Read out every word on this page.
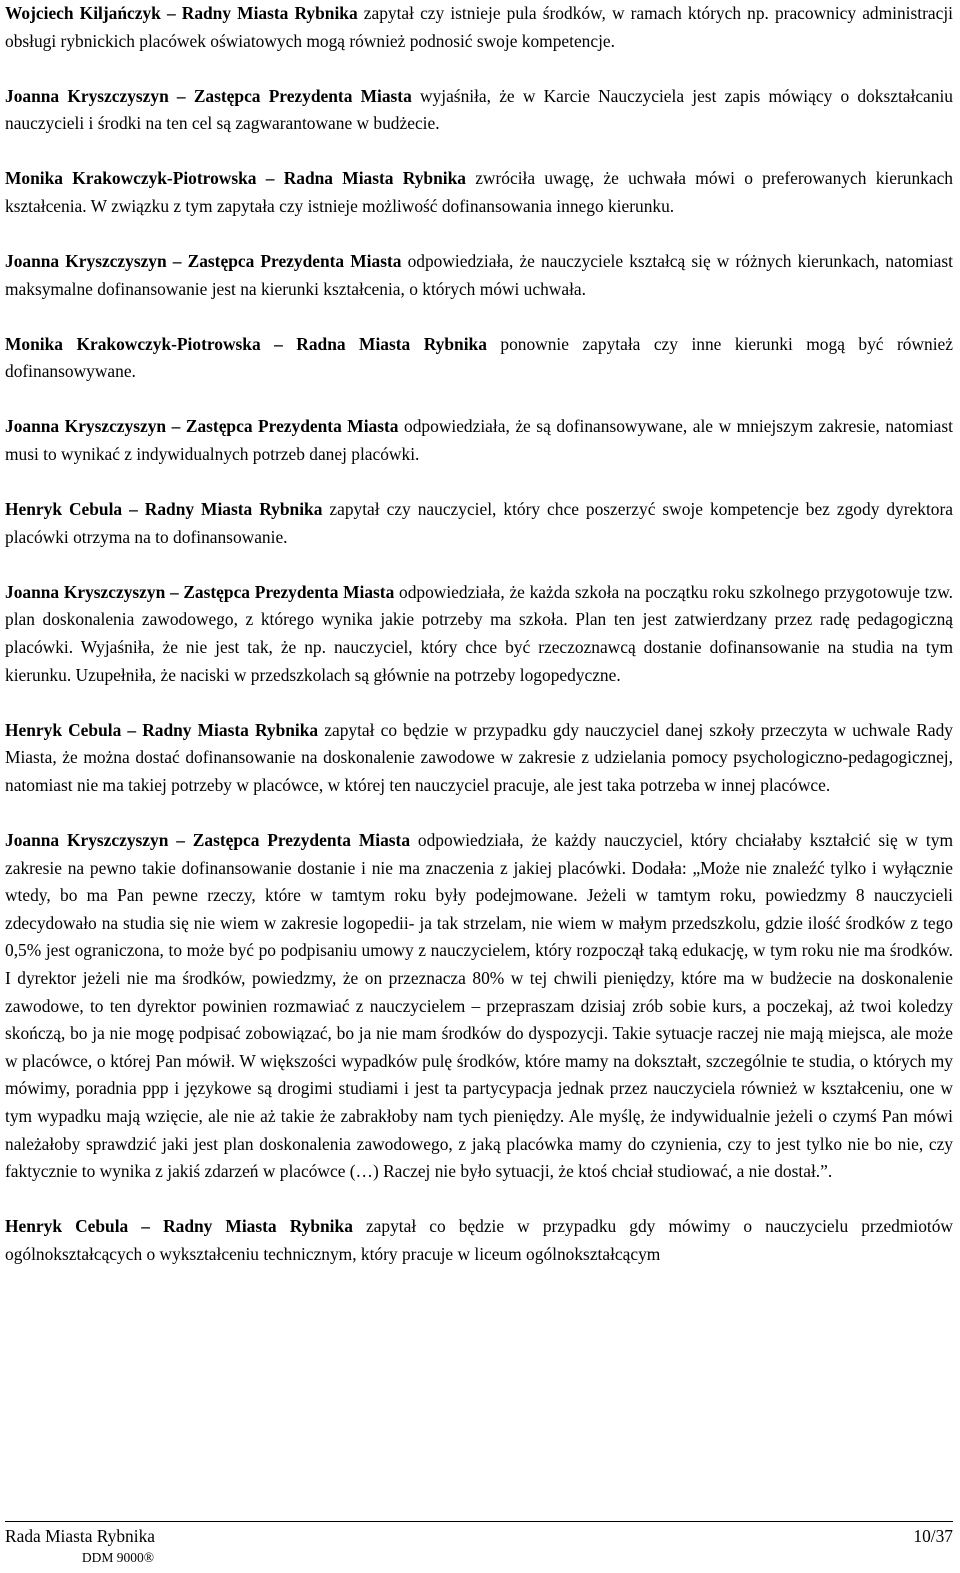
Wojciech Kiljańczyk – Radny Miasta Rybnika zapytał czy istnieje pula środków, w ramach których np. pracownicy administracji obsługi rybnickich placówek oświatowych mogą również podnosić swoje kompetencje.

Joanna Kryszczyszyn – Zastępca Prezydenta Miasta wyjaśniła, że w Karcie Nauczyciela jest zapis mówiący o dokształcaniu nauczycieli i środki na ten cel są zagwarantowane w budżecie.

Monika Krakowczyk-Piotrowska – Radna Miasta Rybnika zwróciła uwagę, że uchwała mówi o preferowanych kierunkach kształcenia. W związku z tym zapytała czy istnieje możliwość dofinansowania innego kierunku.

Joanna Kryszczyszyn – Zastępca Prezydenta Miasta odpowiedziała, że nauczyciele kształcą się w różnych kierunkach, natomiast maksymalne dofinansowanie jest na kierunki kształcenia, o których mówi uchwała.

Monika Krakowczyk-Piotrowska – Radna Miasta Rybnika ponownie zapytała czy inne kierunki mogą być również dofinansowywane.

Joanna Kryszczyszyn – Zastępca Prezydenta Miasta odpowiedziała, że są dofinansowywane, ale w mniejszym zakresie, natomiast musi to wynikać z indywidualnych potrzeb danej placówki.

Henryk Cebula – Radny Miasta Rybnika zapytał czy nauczyciel, który chce poszerzyć swoje kompetencje bez zgody dyrektora placówki otrzyma na to dofinansowanie.

Joanna Kryszczyszyn – Zastępca Prezydenta Miasta odpowiedziała, że każda szkoła na początku roku szkolnego przygotowuje tzw. plan doskonalenia zawodowego, z którego wynika jakie potrzeby ma szkoła. Plan ten jest zatwierdzany przez radę pedagogiczną placówki. Wyjaśniła, że nie jest tak, że np. nauczyciel, który chce być rzeczoznawcą dostanie dofinansowanie na studia na tym kierunku. Uzupełniła, że naciski w przedszkolach są głównie na potrzeby logopedyczne.

Henryk Cebula – Radny Miasta Rybnika zapytał co będzie w przypadku gdy nauczyciel danej szkoły przeczyta w uchwale Rady Miasta, że można dostać dofinansowanie na doskonalenie zawodowe w zakresie z udzielania pomocy psychologiczno-pedagogicznej, natomiast nie ma takiej potrzeby w placówce, w której ten nauczyciel pracuje, ale jest taka potrzeba w innej placówce.

Joanna Kryszczyszyn – Zastępca Prezydenta Miasta odpowiedziała, że każdy nauczyciel, który chciałaby kształcić się w tym zakresie na pewno takie dofinansowanie dostanie i nie ma znaczenia z jakiej placówki. Dodała: „Może nie znaleźć tylko i wyłącznie wtedy, bo ma Pan pewne rzeczy, które w tamtym roku były podejmowane. Jeżeli w tamtym roku, powiedzmy 8 nauczycieli zdecydowało na studia się nie wiem w zakresie logopedii- ja tak strzelam, nie wiem w małym przedszkolu, gdzie ilość środków z tego 0,5% jest ograniczona, to może być po podpisaniu umowy z nauczycielem, który rozpoczął taką edukację, w tym roku nie ma środków. I dyrektor jeżeli nie ma środków, powiedzmy, że on przeznacza 80% w tej chwili pieniędzy, które ma w budżecie na doskonalenie zawodowe, to ten dyrektor powinien rozmawiać z nauczycielem – przepraszam dzisiaj zrób sobie kurs, a poczekaj, aż twoi koledzy skończą, bo ja nie mogę podpisać zobowiązać, bo ja nie mam środków do dyspozycji. Takie sytuacje raczej nie mają miejsca, ale może w placówce, o której Pan mówił. W większości wypadków pulę środków, które mamy na dokształt, szczególnie te studia, o których my mówimy, poradnia ppp i językowe są drogimi studiami i jest ta partycypacja jednak przez nauczyciela również w kształceniu, one w tym wypadku mają wzięcie, ale nie aż takie że zabrakłoby nam tych pieniędzy. Ale myślę, że indywidualnie jeżeli o czymś Pan mówi należałoby sprawdzić jaki jest plan doskonalenia zawodowego, z jaką placówka mamy do czynienia, czy to jest tylko nie bo nie, czy faktycznie to wynika z jakiś zdarzeń w placówce (…) Raczej nie było sytuacji, że ktoś chciał studiować, a nie dostał.”.

Henryk Cebula – Radny Miasta Rybnika zapytał co będzie w przypadku gdy mówimy o nauczycielu przedmiotów ogólnokształcących o wykształceniu technicznym, który pracuje w liceum ogólnokształcącym

Rada Miasta Rybnika	10/37
DDM 9000®
